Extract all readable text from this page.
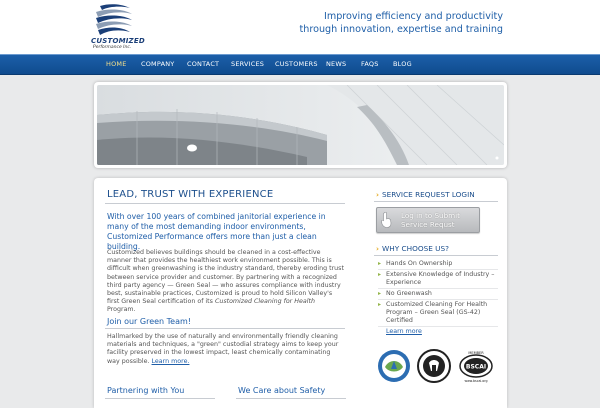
CUSTOMIZED
Performance Inc.
Improving efficiency and productivity
through innovation, expertise and training
HOME COMPANY CONTACT SERVICES CUSTOMERS NEWS FAQS BLOG
LEAD, TRUST WITH EXPERIENCE
With over 100 years of combined janitorial experience in many of the most demanding indoor environments, Customized Performance offers more than just a clean building.
Customized believes buildings should be cleaned in a cost-effective manner that provides the healthiest work environment possible. This is difficult when greenwashing is the industry standard, thereby eroding trust between service provider and customer. By partnering with a recognized third party agency — Green Seal — who assures compliance with industry best, sustainable practices, Customized is proud to hold Silicon Valley's first Green Seal certification of its Customized Cleaning for Health Program.
Join our Green Team!
Hallmarked by the use of naturally and environmentally friendly cleaning materials and techniques, a "green" custodial strategy aims to keep your facility preserved in the lowest impact, least chemically contaminating way possible. Learn more.
Partnering with You	We Care about Safety
› SERVICE REQUEST LOGIN
Log in to Submit
Service Requst
› WHY CHOOSE US?
▸ Hands On Ownership
▸ Extensive Knowledge of Industry – Experience
▸ No Greenwash
▸ Customized Cleaning For Health Program – Green Seal (GS-42) Certified
Learn more
MEMBER
BSCAI
www.bscai.org
